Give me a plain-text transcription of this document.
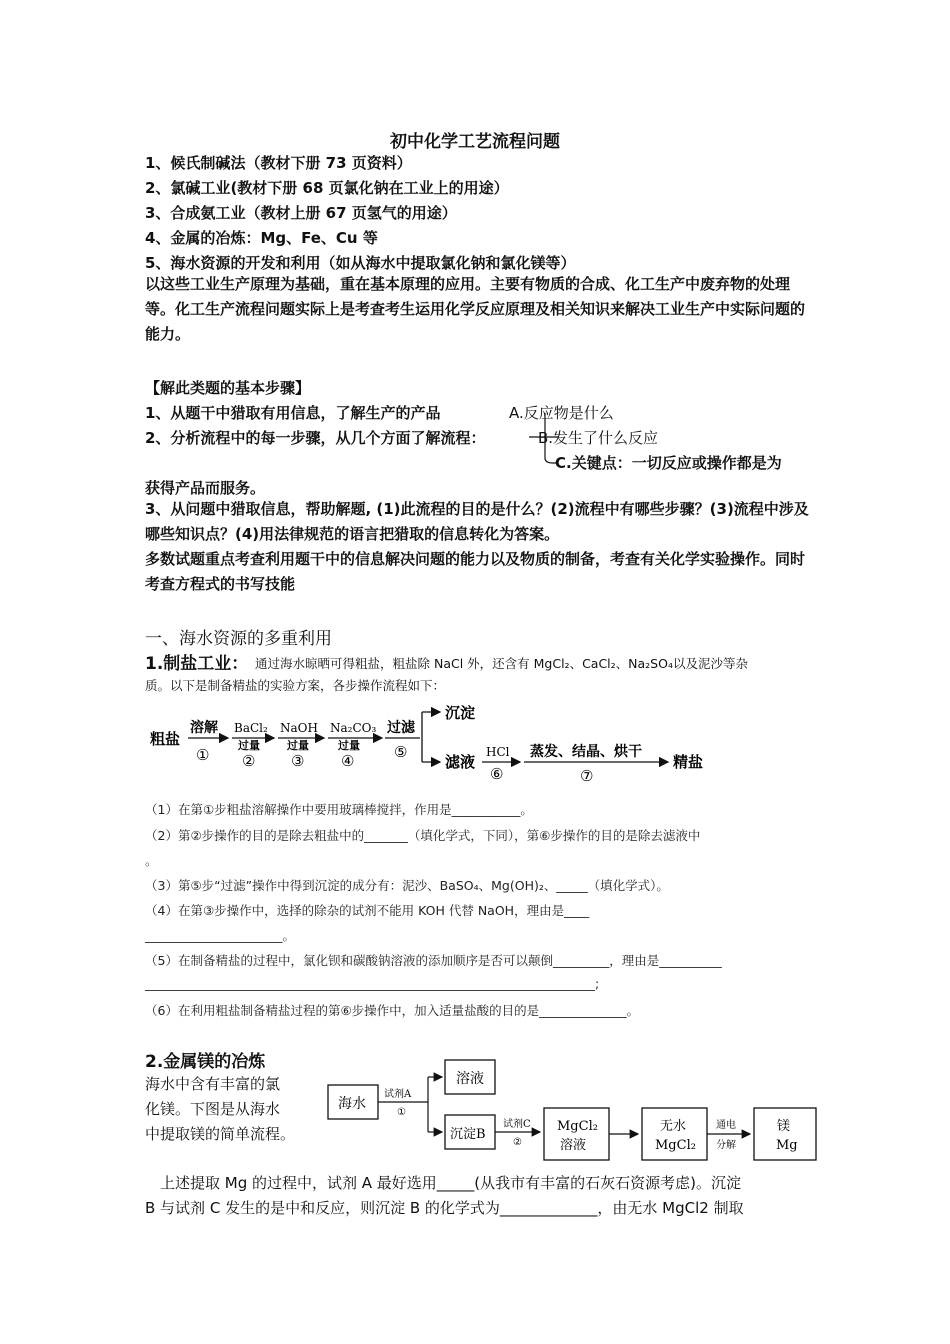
初中化学工艺流程问题
1、候氏制碱法（教材下册 73 页资料）
2、氯碱工业(教材下册 68 页氯化钠在工业上的用途）
3、合成氨工业（教材上册 67 页氢气的用途）
4、金属的冶炼：Mg、Fe、Cu 等
5、海水资源的开发和利用（如从海水中提取氯化钠和氯化镁等）
以这些工业生产原理为基础，重在基本原理的应用。主要有物质的合成、化工生产中废弃物的处理等。化工生产流程问题实际上是考查考生运用化学反应原理及相关知识来解决工业生产中实际问题的能力。
【解此类题的基本步骤】
1、从题干中猎取有用信息，了解生产的产品
2、分析流程中的每一步骤，从几个方面了解流程：
A.反应物是什么
B.发生了什么反应
C.关键点：一切反应或操作都是为
获得产品而服务。
3、从问题中猎取信息，帮助解题, (1)此流程的目的是什么？(2)流程中有哪些步骤？(3)流程中涉及哪些知识点？(4)用法律规范的语言把猎取的信息转化为答案。
多数试题重点考查利用题干中的信息解决问题的能力以及物质的制备，考查有关化学实验操作。同时考查方程式的书写技能
一、海水资源的多重利用
1.制盐工业： 通过海水晾晒可得粗盐，粗盐除 NaCl 外，还含有 MgCl₂、CaCl₂、Na₂SO₄以及泥沙等杂
质。以下是制备精盐的实验方案，各步操作流程如下：
粗盐
溶解
①
BaCl₂
过量
②
NaOH
过量
③
Na₂CO₃
过量
④
过滤
⑤
沉淀
滤液
HCl
⑥
蒸发、结晶、烘干
⑦
精盐
（1）在第①步粗盐溶解操作中要用玻璃棒搅拌，作用是___________。
（2）第②步操作的目的是除去粗盐中的_______（填化学式，下同），第⑥步操作的目的是除去滤液中
。
（3）第⑤步“过滤”操作中得到沉淀的成分有：泥沙、BaSO₄、Mg(OH)₂、_____（填化学式）。
（4）在第③步操作中，选择的除杂的试剂不能用 KOH 代替 NaOH，理由是____
______________________。
（5）在制备精盐的过程中，氯化钡和碳酸钠溶液的添加顺序是否可以颠倒_________，理由是__________
________________________________________________________________________;
（6）在利用粗盐制备精盐过程的第⑥步操作中，加入适量盐酸的目的是______________。
2.金属镁的冶炼
海水中含有丰富的氯
化镁。下图是从海水
中提取镁的简单流程。
海水
试剂A
①
溶液
沉淀B
试剂C
②
MgCl₂
溶液
无水
MgCl₂
通电
分解
镁
Mg
上述提取 Mg 的过程中，试剂 A 最好选用_____(从我市有丰富的石灰石资源考虑)。沉淀
B 与试剂 C 发生的是中和反应，则沉淀 B 的化学式为_____________，由无水 MgCl2 制取
